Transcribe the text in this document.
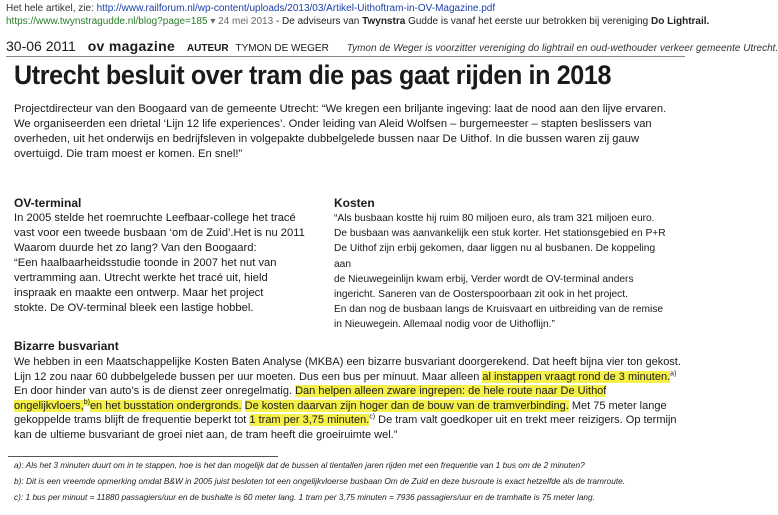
Het hele artikel, zie: http://www.railforum.nl/wp-content/uploads/2013/03/Artikel-Uithoftram-in-OV-Magazine.pdf
https://www.twynstragudde.nl/blog?page=185 ▾ 24 mei 2013 - De adviseurs van Twynstra Gudde is vanaf het eerste uur betrokken bij vereniging Do Lightrail.
30-06 2011 ov magazine AUTEUR TYMON DE WEGER Tymon de Weger is voorzitter vereniging do lightrail en oud-wethouder verkeer gemeente Utrecht.
Utrecht besluit over tram die pas gaat rijden in 2018
Projectdirecteur van den Boogaard van de gemeente Utrecht: “We kregen een briljante ingeving: laat de nood aan den lijve ervaren. We organiseerden een drietal ‘Lijn 12 life experiences’. Onder leiding van Aleid Wolfsen – burgemeester – stapten beslissers van overheden, uit het onderwijs en bedrijfsleven in volgepakte dubbelgelede bussen naar De Uithof. In die bussen waren zij gauw overtuigd. Die tram moest er komen. En snel!”
OV-terminal
In 2005 stelde het roemruchte Leefbaar-college het tracé
vast voor een tweede busbaan ‘om de Zuid’.Het is nu 2011
Waarom duurde het zo lang? Van den Boogaard:
“Een haalbaarheidsstudie toonde in 2007 het nut van
vertramming aan. Utrecht werkte het tracé uit, hield
inspraak en maakte een ontwerp. Maar het project
stokte. De OV-terminal bleek een lastige hobbel.
Kosten
“Als busbaan kostte hij ruim 80 miljoen euro, als tram 321 miljoen euro.
De busbaan was aanvankelijk een stuk korter. Het stationsgebied en P+R
De Uithof zijn erbij gekomen, daar liggen nu al busbanen. De koppeling aan
de Nieuwegeinlijn kwam erbij, Verder wordt de OV-terminal anders
ingericht. Saneren van de Oosterspoorbaan zit ook in het project.
En dan nog de busbaan langs de Kruisvaart en uitbreiding van de remise
in Nieuwegein. Allemaal nodig voor de Uithoflijn.”
Bizarre busvariant
We hebben in een Maatschappelijke Kosten Baten Analyse (MKBA) een bizarre busvariant doorgerekend. Dat heeft bijna vier ton gekost. Lijn 12 zou naar 60 dubbelgelede bussen per uur moeten. Dus een bus per minuut. Maar alleen al instappen vraagt rond de 3 minuten.$^{a)}$ En door hinder van auto’s is de dienst zeer onregelmatig. Dan helpen alleen zware ingrepen: de hele route naar De Uithof ongelijkvloers,$^{b)}$en het busstation ondergronds. De kosten daarvan zijn hoger dan de bouw van de tramverbinding. Met 75 meter lange gekoppelde trams blijft de frequentie beperkt tot 1 tram per 3,75 minuten.$^{c)}$ De tram valt goedkoper uit en trekt meer reizigers. Op termijn kan de ultieme busvariant de groei niet aan, de tram heeft die groeiruimte wel.”
a): Als het 3 minuten duurt om in te stappen, hoe is het dan mogelijk dat de bussen al tientallen jaren rijden met een frequentie van 1 bus om de 2 minuten?
b): Dit is een vreemde opmerking omdat B&W in 2005 juist besloten tot een ongelijkvloerse busbaan Om de Zuid en deze busroute is exact hetzelfde als de tramroute.
c): 1 bus per minuut = 11880 passagiers/uur en de bushalte is 60 meter lang. 1 tram per 3,75 minuten = 7936 passagiers/uur en de tramhalte is 75 meter lang.
